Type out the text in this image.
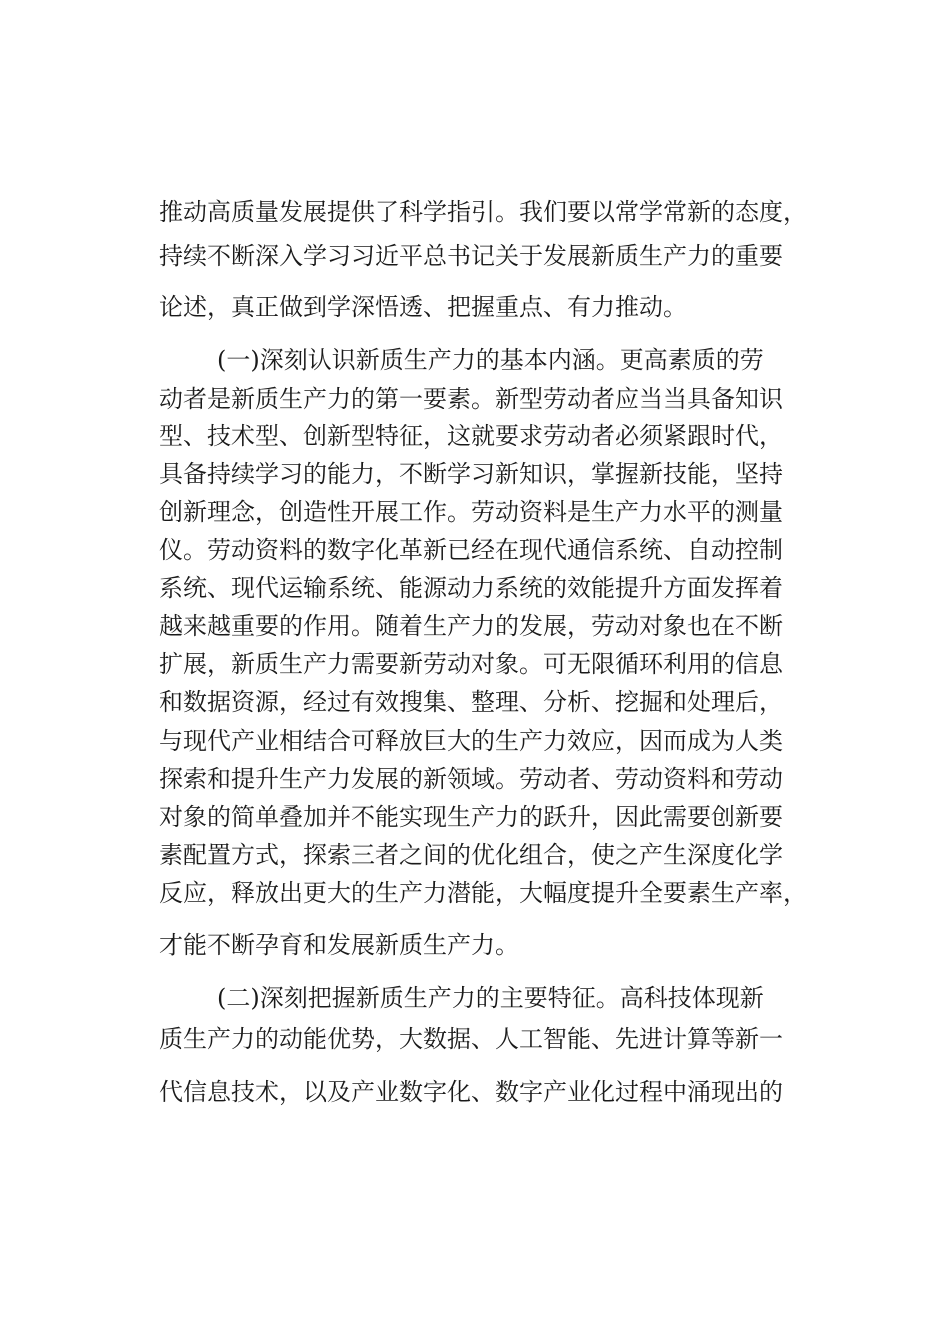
推动高质量发展提供了科学指引。我们要以常学常新的态度，
持续不断深入学习习近平总书记关于发展新质生产力的重要
论述，真正做到学深悟透、把握重点、有力推动。
(一)深刻认识新质生产力的基本内涵。更高素质的劳
动者是新质生产力的第一要素。新型劳动者应当当具备知识
型、技术型、创新型特征，这就要求劳动者必须紧跟时代，
具备持续学习的能力，不断学习新知识，掌握新技能，坚持
创新理念，创造性开展工作。劳动资料是生产力水平的测量
仪。劳动资料的数字化革新已经在现代通信系统、自动控制
系统、现代运输系统、能源动力系统的效能提升方面发挥着
越来越重要的作用。随着生产力的发展，劳动对象也在不断
扩展，新质生产力需要新劳动对象。可无限循环利用的信息
和数据资源，经过有效搜集、整理、分析、挖掘和处理后，
与现代产业相结合可释放巨大的生产力效应，因而成为人类
探索和提升生产力发展的新领域。劳动者、劳动资料和劳动
对象的简单叠加并不能实现生产力的跃升，因此需要创新要
素配置方式，探索三者之间的优化组合，使之产生深度化学
反应，释放出更大的生产力潜能，大幅度提升全要素生产率，
才能不断孕育和发展新质生产力。
(二)深刻把握新质生产力的主要特征。高科技体现新
质生产力的动能优势，大数据、人工智能、先进计算等新一
代信息技术，以及产业数字化、数字产业化过程中涌现出的
